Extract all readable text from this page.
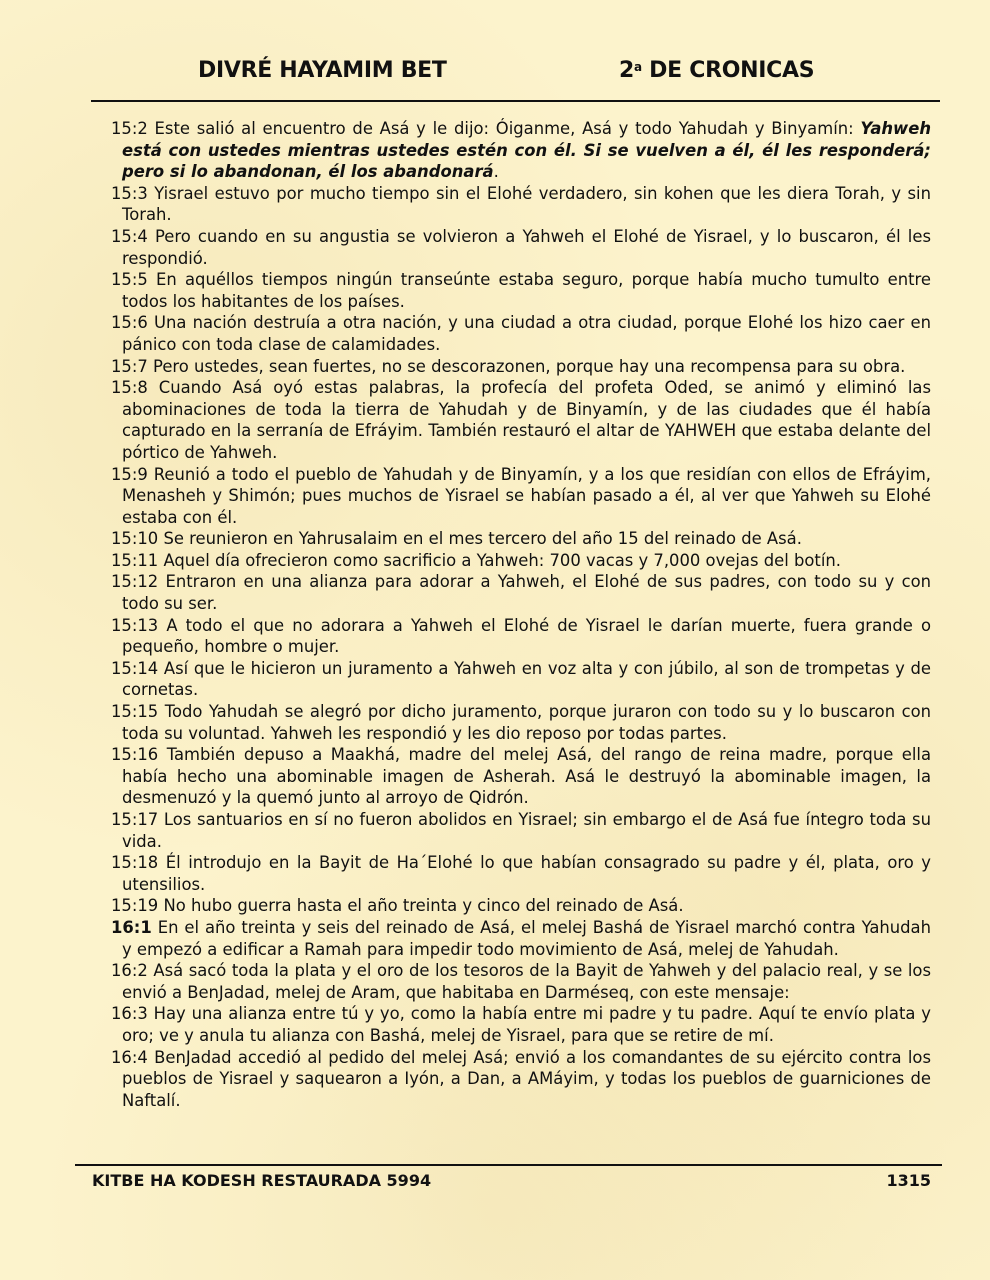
DIVRÉ HAYAMIM BET	2$^a$ DE CRONICAS

15:2 Este salió al encuentro de Asá y le dijo: Óiganme, Asá y todo Yahudah y Binyamín: Yahweh está con ustedes mientras ustedes estén con él. Si se vuelven a él, él les responderá; pero si lo abandonan, él los abandonará.

15:3 Yisrael estuvo por mucho tiempo sin el Elohé verdadero, sin kohen que les diera Torah, y sin Torah.

15:4 Pero cuando en su angustia se volvieron a Yahweh el Elohé de Yisrael, y lo buscaron, él les respondió.

15:5 En aquéllos tiempos ningún transeúnte estaba seguro, porque había mucho tumulto entre todos los habitantes de los países.

15:6 Una nación destruía a otra nación, y una ciudad a otra ciudad, porque Elohé los hizo caer en pánico con toda clase de calamidades.

15:7 Pero ustedes, sean fuertes, no se descorazonen, porque hay una recompensa para su obra.

15:8 Cuando Asá oyó estas palabras, la profecía del profeta Oded, se animó y eliminó las abominaciones de toda la tierra de Yahudah y de Binyamín, y de las ciudades que él había capturado en la serranía de Efráyim. También restauró el altar de YAHWEH que estaba delante del pórtico de Yahweh.

15:9 Reunió a todo el pueblo de Yahudah y de Binyamín, y a los que residían con ellos de Efráyim, Menasheh y Shimón; pues muchos de Yisrael se habían pasado a él, al ver que Yahweh su Elohé estaba con él.

15:10 Se reunieron en Yahrusalaim en el mes tercero del año 15 del reinado de Asá.

15:11 Aquel día ofrecieron como sacrificio a Yahweh: 700 vacas y 7,000 ovejas del botín.

15:12 Entraron en una alianza para adorar a Yahweh, el Elohé de sus padres, con todo su y con todo su ser.

15:13 A todo el que no adorara a Yahweh el Elohé de Yisrael le darían muerte, fuera grande o pequeño, hombre o mujer.

15:14 Así que le hicieron un juramento a Yahweh en voz alta y con júbilo, al son de trompetas y de cornetas.

15:15 Todo Yahudah se alegró por dicho juramento, porque juraron con todo su y lo buscaron con toda su voluntad. Yahweh les respondió y les dio reposo por todas partes.

15:16 También depuso a Maakhá, madre del melej Asá, del rango de reina madre, porque ella había hecho una abominable imagen de Asherah. Asá le destruyó la abominable imagen, la desmenuzó y la quemó junto al arroyo de Qidrón.

15:17 Los santuarios en sí no fueron abolidos en Yisrael; sin embargo el de Asá fue íntegro toda su vida.

15:18 Él introdujo en la Bayit de Ha´Elohé lo que habían consagrado su padre y él, plata, oro y utensilios.

15:19 No hubo guerra hasta el año treinta y cinco del reinado de Asá.

16:1 En el año treinta y seis del reinado de Asá, el melej Bashá de Yisrael marchó contra Yahudah y empezó a edificar a Ramah para impedir todo movimiento de Asá, melej de Yahudah.

16:2 Asá sacó toda la plata y el oro de los tesoros de la Bayit de Yahweh y del palacio real, y se los envió a BenJadad, melej de Aram, que habitaba en Darméseq, con este mensaje:

16:3 Hay una alianza entre tú y yo, como la había entre mi padre y tu padre. Aquí te envío plata y oro; ve y anula tu alianza con Bashá, melej de Yisrael, para que se retire de mí.

16:4 BenJadad accedió al pedido del melej Asá; envió a los comandantes de su ejército contra los pueblos de Yisrael y saquearon a Iyón, a Dan, a AMáyim, y todas los pueblos de guarniciones de Naftalí.

KITBE HA KODESH RESTAURADA 5994	1315
